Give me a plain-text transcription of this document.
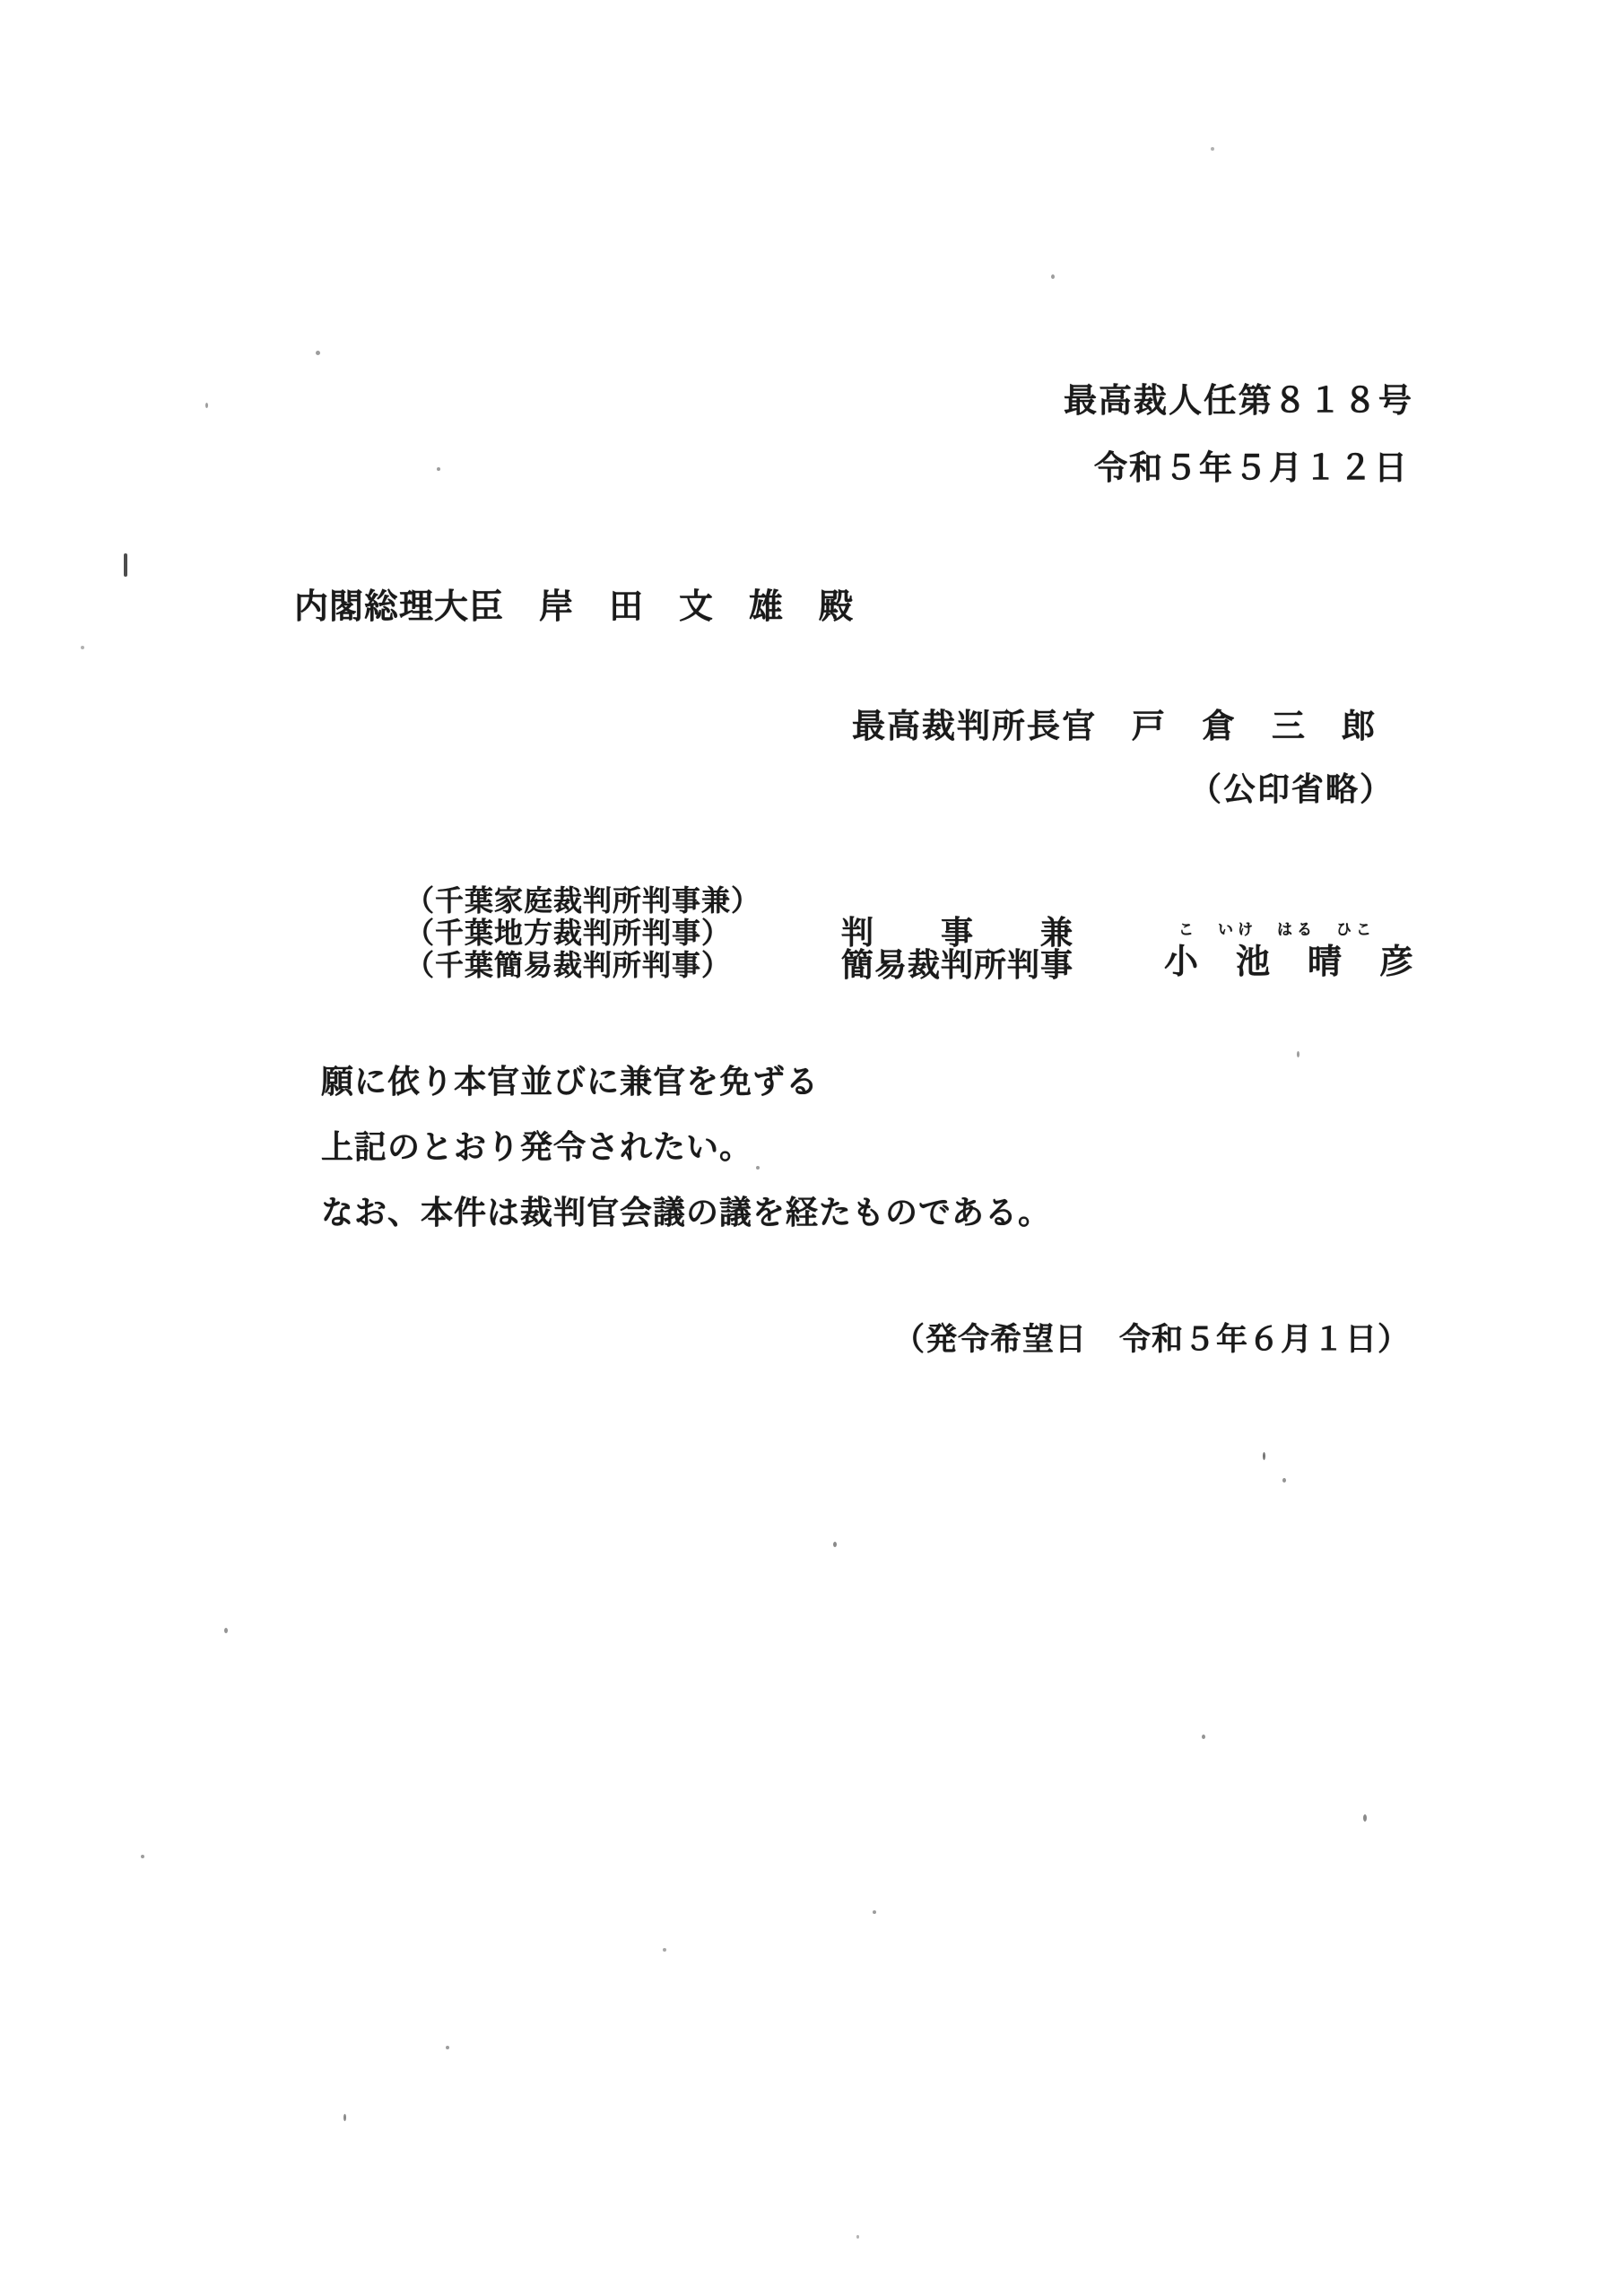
最高裁人任第８１８号
令和５年５月１２日
内閣総理大臣　岸　田　文　雄　殿
最高裁判所長官　戸　倉　三　郎
（公印省略）
（千葉家庭裁判所判事兼）
（千葉地方裁判所判事）
（千葉簡易裁判所判事）
判　　事　　兼
簡易裁判所判事
こ　いけ　はる　ひこ
小　池　晴　彦
願に依り本官並びに兼官を免ずる
上記のとおり発令されたい。
なお、本件は裁判官会議の議を経たものである。
（発令希望日　令和５年６月１日）
